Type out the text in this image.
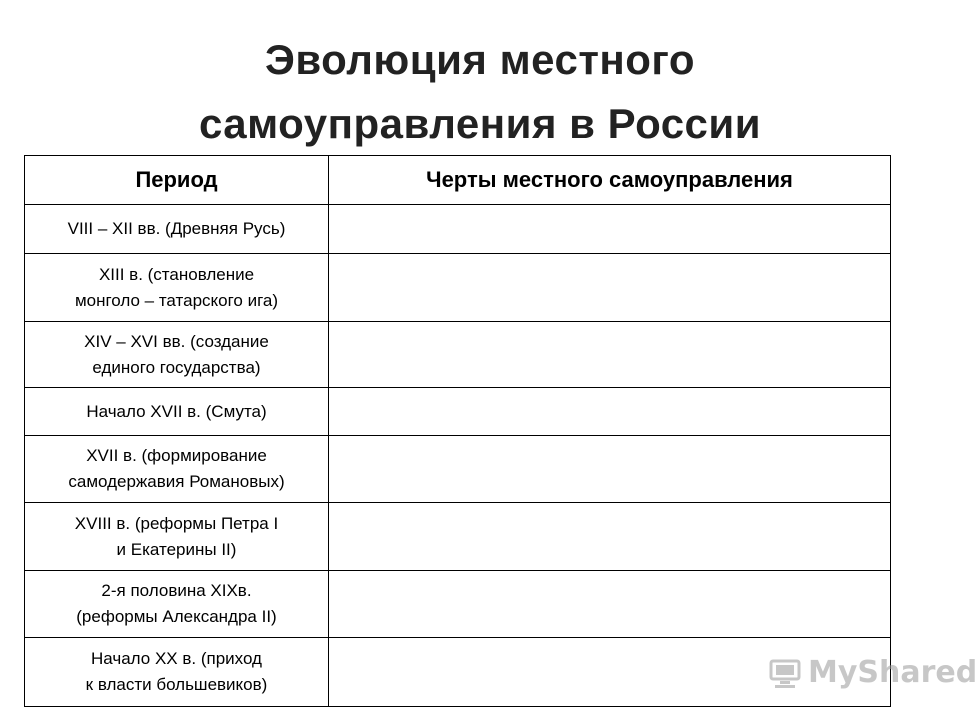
Эволюция местного
самоуправления в России
Период	Черты местного самоуправления

VIII – XII вв. (Древняя Русь)	

XIII в. (становление
монголо – татарского ига)	

XIV – XVI вв. (создание
единого государства)	

Начало XVII в. (Смута)	

XVII в. (формирование
самодержавия Романовых)	

XVIII в. (реформы Петра I
и Екатерины II)	

2-я половина XIXв.
(реформы Александра II)	

Начало XX в. (приход
к власти большевиков)	
		MyShared
